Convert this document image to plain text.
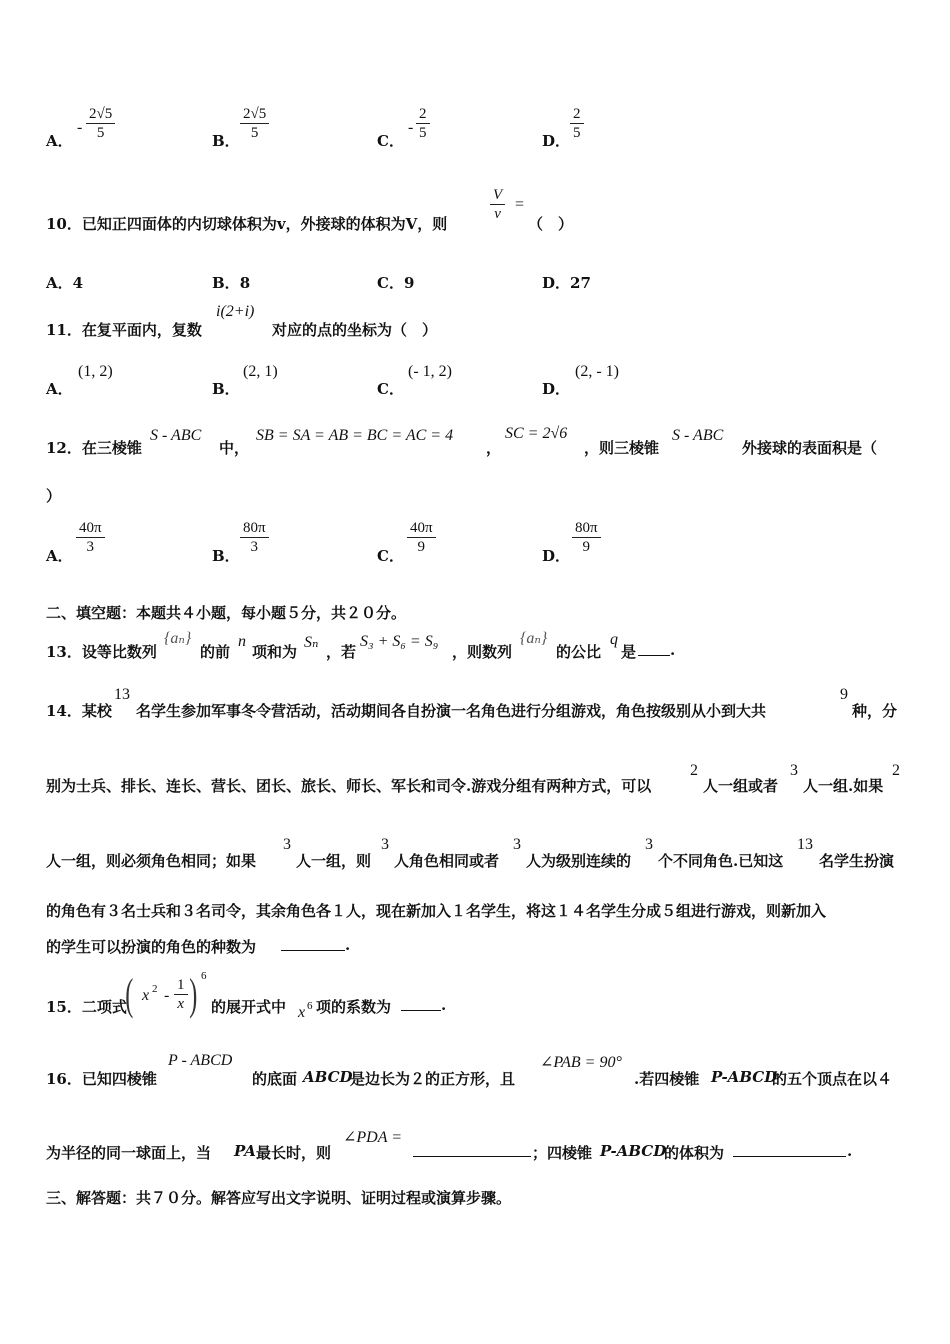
A．
- $\frac{2√5}{5}$	B． $\frac{2√5}{5}$	C．
- $\frac{2}{5}$	D． $\frac{2}{5}$
10．已知正四面体的内切球体积为v，外接球的体积为V，则
$\frac{V}{v}$ =
（　）
A．4	B．8	C．9	D．27
11．在复平面内，复数
i(2+i)
对应的点的坐标为（　）
A．
(1, 2)
B．
(2, 1)
C．
(- 1, 2)
D．
(2, - 1)
12．在三棱锥
S - ABC
中，
SB = SA = AB = BC = AC = 4
，
SC = 2√6
，则三棱锥
S - ABC
外接球的表面积是（
）
A． $\frac{40\pi}{3}$	B． $\frac{80\pi}{3}$	C． $\frac{40\pi}{9}$	D． $\frac{80\pi}{9}$
二、填空题：本题共４小题，每小题５分，共２０分。
13．设等比数列
{aₙ}
的前
n
项和为
Sₙ
，若
S₃ + S₆ = S₉
，则数列
{aₙ}
的公比
q
是 .
14．某校
13
名学生参加军事冬令营活动，活动期间各自扮演一名角色进行分组游戏，角色按级别从小到大共
9
种，分
别为士兵、排长、连长、营长、团长、旅长、师长、军长和司令.游戏分组有两种方式，可以
2
人一组或者
3
人一组.如果
2
人一组，则必须角色相同；如果
3
人一组，则
3
人角色相同或者
3
人为级别连续的
3
个不同角色.已知这
13
名学生扮演
的角色有３名士兵和３名司令，其余角色各１人，现在新加入１名学生，将这１４名学生分成５组进行游戏，则新加入
的学生可以扮演的角色的种数为	.
15．二项式
( x $2 - \frac{1}{x}$ ) 6
的展开式中 x 6 项的系数为	.
16．已知四棱锥
P - ABCD
的底面 ABCD
是边长为２的正方形，且
∠PAB = 90°
.若四棱锥 P-ABCD
的五个顶点在以４
为半径的同一球面上，当 PA 最长时，则
∠PDA =
；四棱锥 P-ABCD
的体积为	.
三、解答题：共７０分。解答应写出文字说明、证明过程或演算步骤。
